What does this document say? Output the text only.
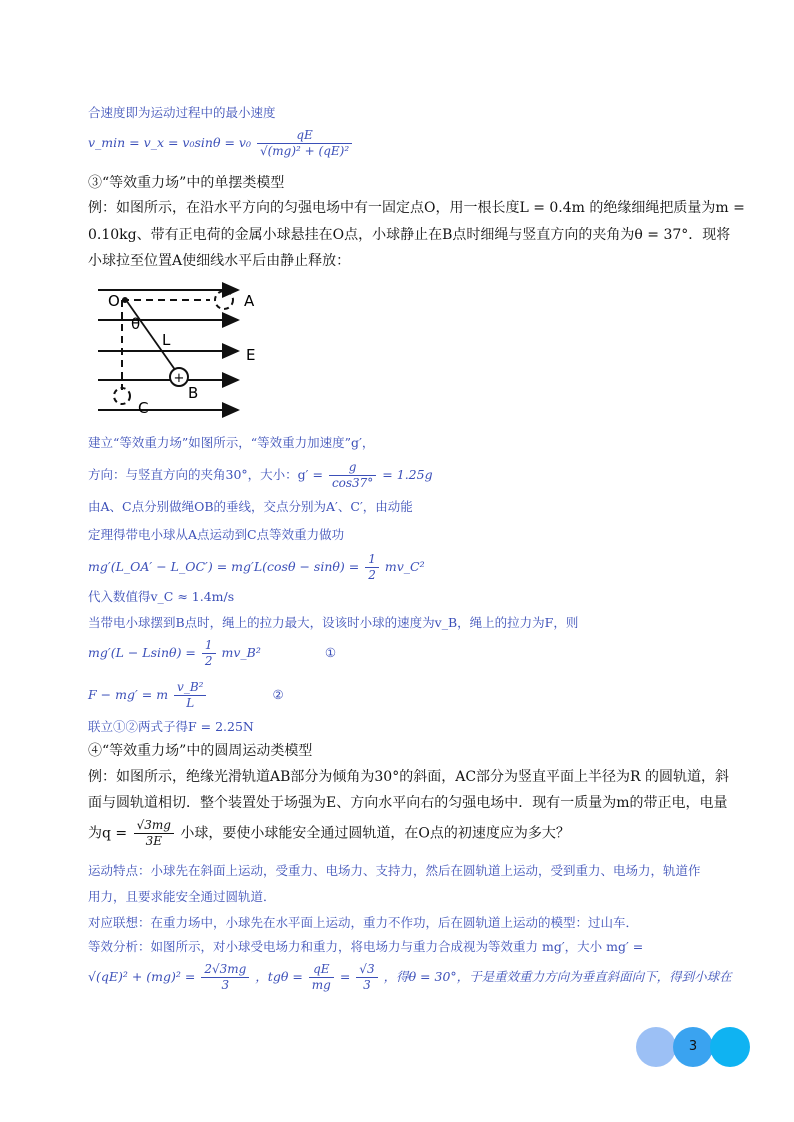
合速度即为运动过程中的最小速度
v_min = v_x = $v_0\sin\theta = v_0 \frac{qE}{\text{√(mg)² + (qE)²}}$
③“等效重力场”中的单摆类模型
例：如图所示，在沿水平方向的匀强电场中有一固定点O，用一根长度L = 0.4m 的绝缘细绳把质量为m =
0.10kg、带有正电荷的金属小球悬挂在O点，小球静止在B点时细绳与竖直方向的夹角为θ = 37°．现将
小球拉至位置A使细线水平后由静止释放：
+
O	A
θ
L
E
B
C
建立“等效重力场”如图所示，“等效重力加速度”g′，
方向：与竖直方向的夹角30°，大小：$g' = \frac{g}{\cos 37^\circ} = 1.25g$
由A、C点分别做绳OB的垂线，交点分别为A′、C′，由动能
定理得带电小球从A点运动到C点等效重力做功
mg′(L_OA′ − L_OC′) = $mg'L(\cos\theta - \sin\theta) = \frac{1}{2}$ mv_C²
代入数值得v_C ≈ 1.4m/s
当带电小球摆到B点时，绳上的拉力最大，设该时小球的速度为v_B，绳上的拉力为F，则
$mg'(L - Lsin\theta) = \frac{1}{2}$ mv_B²	①
F − mg′ = m $\frac{\text{v\_B²}}{L}$	②
联立①②两式子得F = 2.25N
④“等效重力场”中的圆周运动类模型
例：如图所示，绝缘光滑轨道AB部分为倾角为30°的斜面，AC部分为竖直平面上半径为R 的圆轨道，斜
面与圆轨道相切．整个装置处于场强为E、方向水平向右的匀强电场中．现有一质量为m的带正电，电量
为$q = \frac{√3mg}{3E}$ 小球，要使小球能安全通过圆轨道，在O点的初速度应为多大？
运动特点：小球先在斜面上运动，受重力、电场力、支持力，然后在圆轨道上运动，受到重力、电场力，轨道作
用力，且要求能安全通过圆轨道．
对应联想：在重力场中，小球先在水平面上运动，重力不作功，后在圆轨道上运动的模型：过山车．
等效分析：如图所示，对小球受电场力和重力，将电场力与重力合成视为等效重力 mg′，大小 mg′ =
$√(qE)^2 + (mg)^2 = \frac{2√3mg}{3}$ ，$tg\theta = \frac{qE}{mg} = \frac{√3}{3}$ ，得θ = 30°，于是重效重力方向为垂直斜面向下，得到小球在
3
